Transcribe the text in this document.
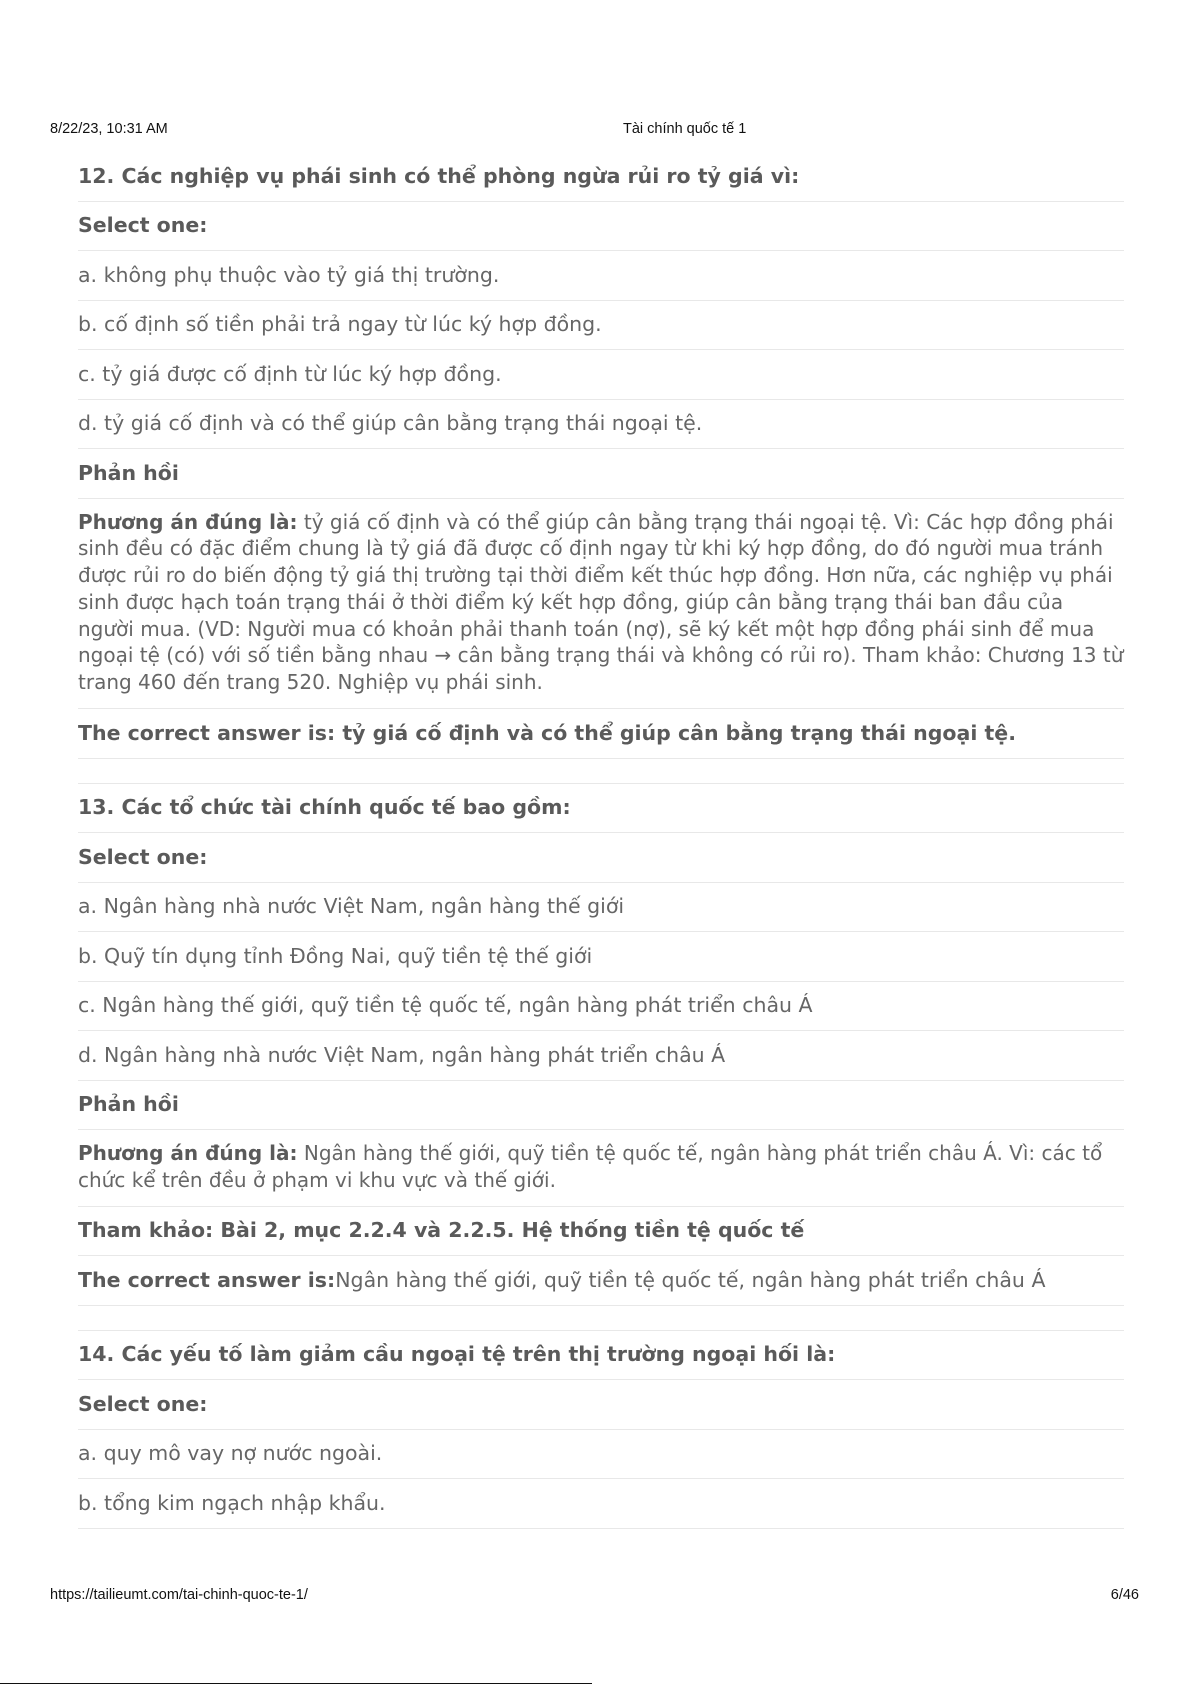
8/22/23, 10:31 AM	Tài chính quốc tế 1
12. Các nghiệp vụ phái sinh có thể phòng ngừa rủi ro tỷ giá vì:
Select one:
a. không phụ thuộc vào tỷ giá thị trường.
b. cố định số tiền phải trả ngay từ lúc ký hợp đồng.
c. tỷ giá được cố định từ lúc ký hợp đồng.
d. tỷ giá cố định và có thể giúp cân bằng trạng thái ngoại tệ.
Phản hồi
Phương án đúng là: tỷ giá cố định và có thể giúp cân bằng trạng thái ngoại tệ. Vì: Các hợp đồng phái sinh đều có đặc điểm chung là tỷ giá đã được cố định ngay từ khi ký hợp đồng, do đó người mua tránh được rủi ro do biến động tỷ giá thị trường tại thời điểm kết thúc hợp đồng. Hơn nữa, các nghiệp vụ phái sinh được hạch toán trạng thái ở thời điểm ký kết hợp đồng, giúp cân bằng trạng thái ban đầu của người mua. (VD: Người mua có khoản phải thanh toán (nợ), sẽ ký kết một hợp đồng phái sinh để mua ngoại tệ (có) với số tiền bằng nhau → cân bằng trạng thái và không có rủi ro). Tham khảo: Chương 13 từ trang 460 đến trang 520. Nghiệp vụ phái sinh.
The correct answer is: tỷ giá cố định và có thể giúp cân bằng trạng thái ngoại tệ.
13. Các tổ chức tài chính quốc tế bao gồm:
Select one:
a. Ngân hàng nhà nước Việt Nam, ngân hàng thế giới
b. Quỹ tín dụng tỉnh Đồng Nai, quỹ tiền tệ thế giới
c. Ngân hàng thế giới, quỹ tiền tệ quốc tế, ngân hàng phát triển châu Á
d. Ngân hàng nhà nước Việt Nam, ngân hàng phát triển châu Á
Phản hồi
Phương án đúng là: Ngân hàng thế giới, quỹ tiền tệ quốc tế, ngân hàng phát triển châu Á. Vì: các tổ chức kể trên đều ở phạm vi khu vực và thế giới.
Tham khảo: Bài 2, mục 2.2.4 và 2.2.5. Hệ thống tiền tệ quốc tế
The correct answer is: Ngân hàng thế giới, quỹ tiền tệ quốc tế, ngân hàng phát triển châu Á
14. Các yếu tố làm giảm cầu ngoại tệ trên thị trường ngoại hối là:
Select one:
a. quy mô vay nợ nước ngoài.
b. tổng kim ngạch nhập khẩu.
https://tailieumt.com/tai-chinh-quoc-te-1/	6/46
